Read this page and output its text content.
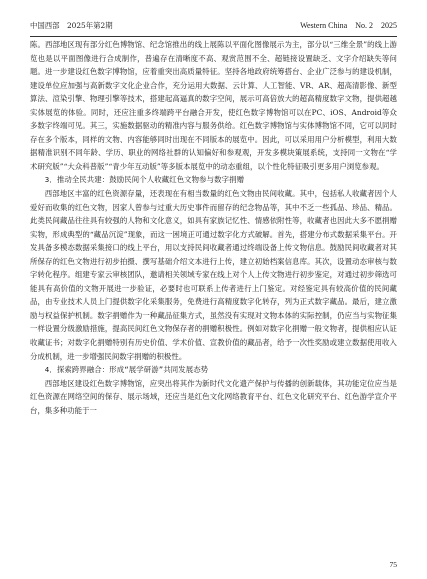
中国西部　2025年第2期	Western China　No. 2　2025

陈。西部地区现有部分红色博物馆、纪念馆推出的线上展陈以平面化图像展示为主，部分以“三维全景”的线上游览也是以平面图像进行合成制作，普遍存在清晰度不高、观赏范围不全、超链接设置缺乏、文字介绍缺失等问题。进一步建设红色数字博物馆，应着重突出高质量特征。坚持各地政府统筹搭台、企业广泛参与的建设机制，建设单位应加强与高新数字文化企业合作，充分运用大数据、云计算、人工智能、VR、AR、超高清影像、新型算法、渲染引擎、物理引擎等技术，搭建起高逼真的数字空间，展示可高倍放大的超高精度数字文物，提供超越实体展览的体验。同时，还应注重多终端跨平台融合开发，使红色数字博物馆可以在PC、iOS、Android等众多数字终端可见。其三，实施数据驱动的精准内容与服务供给。红色数字博物馆与实体博物馆不同，它可以同时存在多个版本，同样的文物、内容能够同时出现在不同版本的展览中。因此，可以采用用户分析模型，利用大数据精准识别不同年龄、学历、职业的网络社群的认知偏好和参观观，开发多模块策展系统，支持同一文物在“学术研究版”“大众科普版”“青少年互动版”等多版本展览中的动态重组，以个性化特征吸引更多用户浏览参观。

3．推动全民共建：鼓励民间个人收藏红色文物参与数字捐赠

西部地区丰富的红色资源存量，还表现在有相当数量的红色文物由民间收藏。其中，包括私人收藏者因个人爱好而收集的红色文物，因家人曾参与过重大历史事件而留存的纪念物品等，其中不乏一些孤品、珍品、精品。此类民间藏品往往具有较强的人物和文化意义，如具有家族记忆性、情感依附性等，收藏者也因此大多不愿捐赠实物，形成典型的“藏品沉淀”现象，而这一困境正可通过数字化方式破解。首先，搭建分布式数据采集平台。开发具备多模态数据采集接口的线上平台，用以支持民间收藏者通过终端设备上传文物信息。鼓励民间收藏者对其所保存的红色文物进行初步拍摄、撰写基础介绍文本进行上传，建立初始档案信息库。其次，设置动态审核与数字转化程序。组建专家云审核团队，邀请相关领域专家在线上对个人上传文物进行初步鉴定，对通过初步筛选可能具有高价值的文物开展进一步验证，必要时也可联系上传者进行上门鉴定。对经鉴定具有较高价值的民间藏品，由专业技术人员上门提供数字化采集服务，免费进行高精度数字化转存，列为正式数字藏品。最后，建立激励与权益保护机制。数字捐赠作为一种藏品征集方式，虽然没有实现对文物本体的实际控制，仍应当与实物征集一样设置分级激励措施，提高民间红色文物保存者的捐赠积极性。例如对数字化捐赠一般文物者，提供相应认证收藏证书；对数字化捐赠特别有历史价值、学术价值、宣教价值的藏品者，给予一次性奖励或建立数据使用收入分成机制，进一步增强民间数字捐赠的积极性。

4．探索跨界融合：形成“展学研游”共同发展态势

西部地区建设红色数字博物馆，应突出将其作为新时代文化遗产保护与传播的创新载体，其功能定位应当是红色资源在网络空间的保存、展示场域，还应当是红色文化网络教育平台、红色文化研究平台、红色游学宣介平台，集多种功能于一

75
